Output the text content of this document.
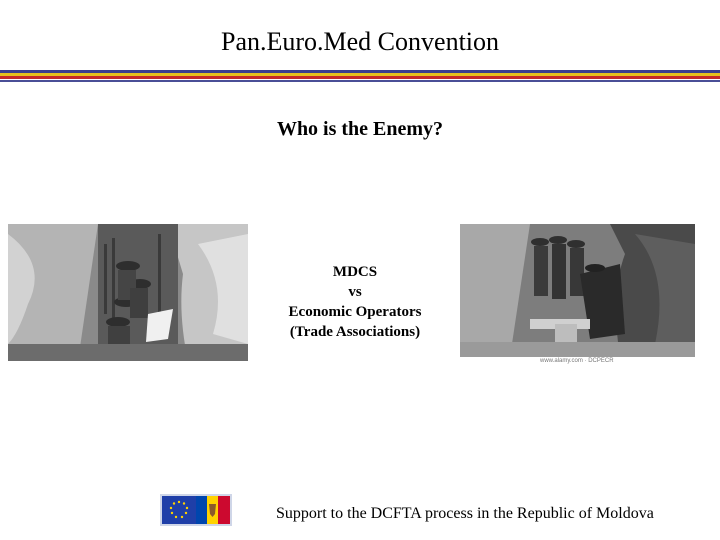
Pan.Euro.Med Convention
Who is the Enemy?
MDCS
vs
Economic Operators
(Trade Associations)
www.alamy.com · DCPECR
Support to the DCFTA process in the Republic of Moldova
